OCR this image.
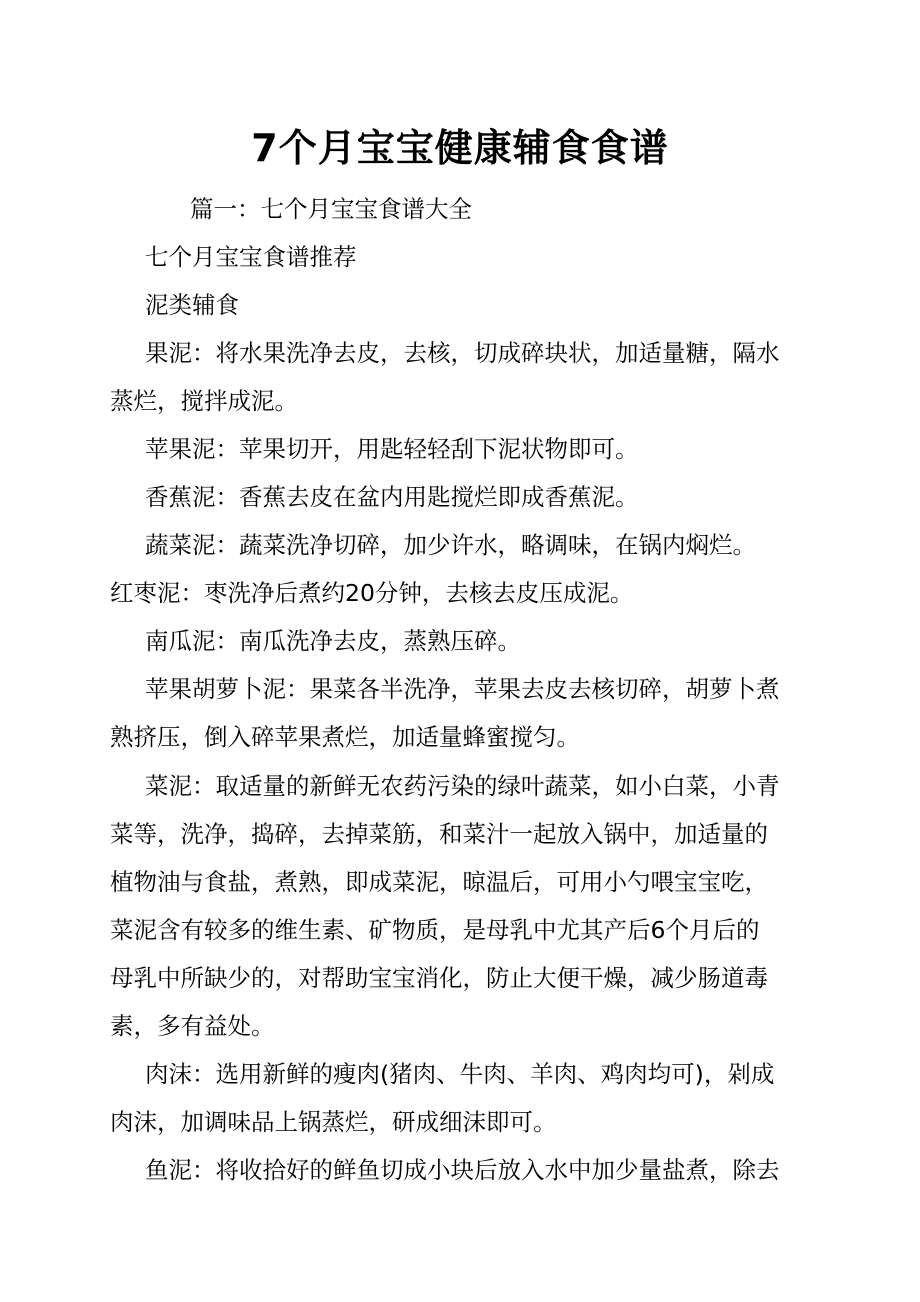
7个月宝宝健康辅食食谱
篇一：七个月宝宝食谱大全
七个月宝宝食谱推荐
泥类辅食
果泥：将水果洗净去皮，去核，切成碎块状，加适量糖，隔水
蒸烂，搅拌成泥。
苹果泥：苹果切开，用匙轻轻刮下泥状物即可。
香蕉泥：香蕉去皮在盆内用匙搅烂即成香蕉泥。
蔬菜泥：蔬菜洗净切碎，加少许水，略调味，在锅内焖烂。
红枣泥：枣洗净后煮约20分钟，去核去皮压成泥。
南瓜泥：南瓜洗净去皮，蒸熟压碎。
苹果胡萝卜泥：果菜各半洗净，苹果去皮去核切碎，胡萝卜煮
熟挤压，倒入碎苹果煮烂，加适量蜂蜜搅匀。
菜泥：取适量的新鲜无农药污染的绿叶蔬菜，如小白菜，小青
菜等，洗净，捣碎，去掉菜筋，和菜汁一起放入锅中，加适量的
植物油与食盐，煮熟，即成菜泥，晾温后，可用小勺喂宝宝吃，
菜泥含有较多的维生素、矿物质，是母乳中尤其产后6个月后的
母乳中所缺少的，对帮助宝宝消化，防止大便干燥，减少肠道毒
素，多有益处。
肉沫：选用新鲜的瘦肉(猪肉、牛肉、羊肉、鸡肉均可)，剁成
肉沫，加调味品上锅蒸烂，研成细沫即可。
鱼泥：将收拾好的鲜鱼切成小块后放入水中加少量盐煮，除去
